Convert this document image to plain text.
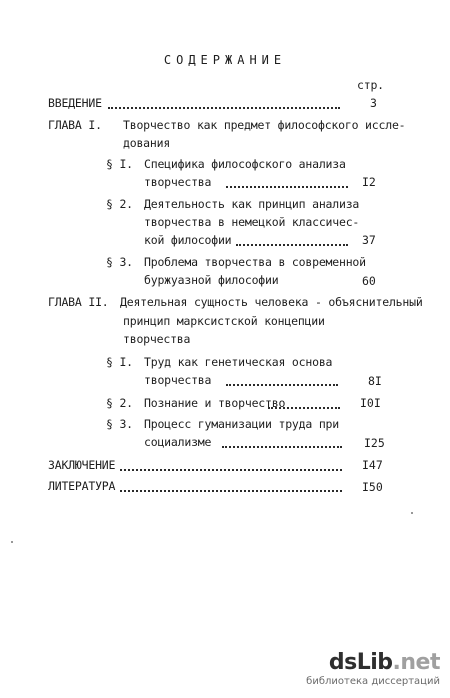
СОДЕРЖАНИЕ
стр.
ВВЕДЕНИЕ	3
ГЛАВА I. Творчество как предмет философского иссле-
дования
§ I. Специфика философского анализа
творчества	I2
§ 2. Деятельность как принцип анализа
творчества в немецкой классичес-
кой философии	37
§ 3. Проблема творчества в современной
буржуазной философии	60
ГЛАВА II. Деятельная сущность человека - объяснительный
принцип марксистской концепции
творчества
§ I. Труд как генетическая основа
творчества	8I
§ 2. Познание и творчество	I0I
§ 3. Процесс гуманизации труда при
социализме	I25
ЗАКЛЮЧЕНИЕ	I47
ЛИТЕРАТУРА	I50
dsLib.net
библиотека диссертаций
